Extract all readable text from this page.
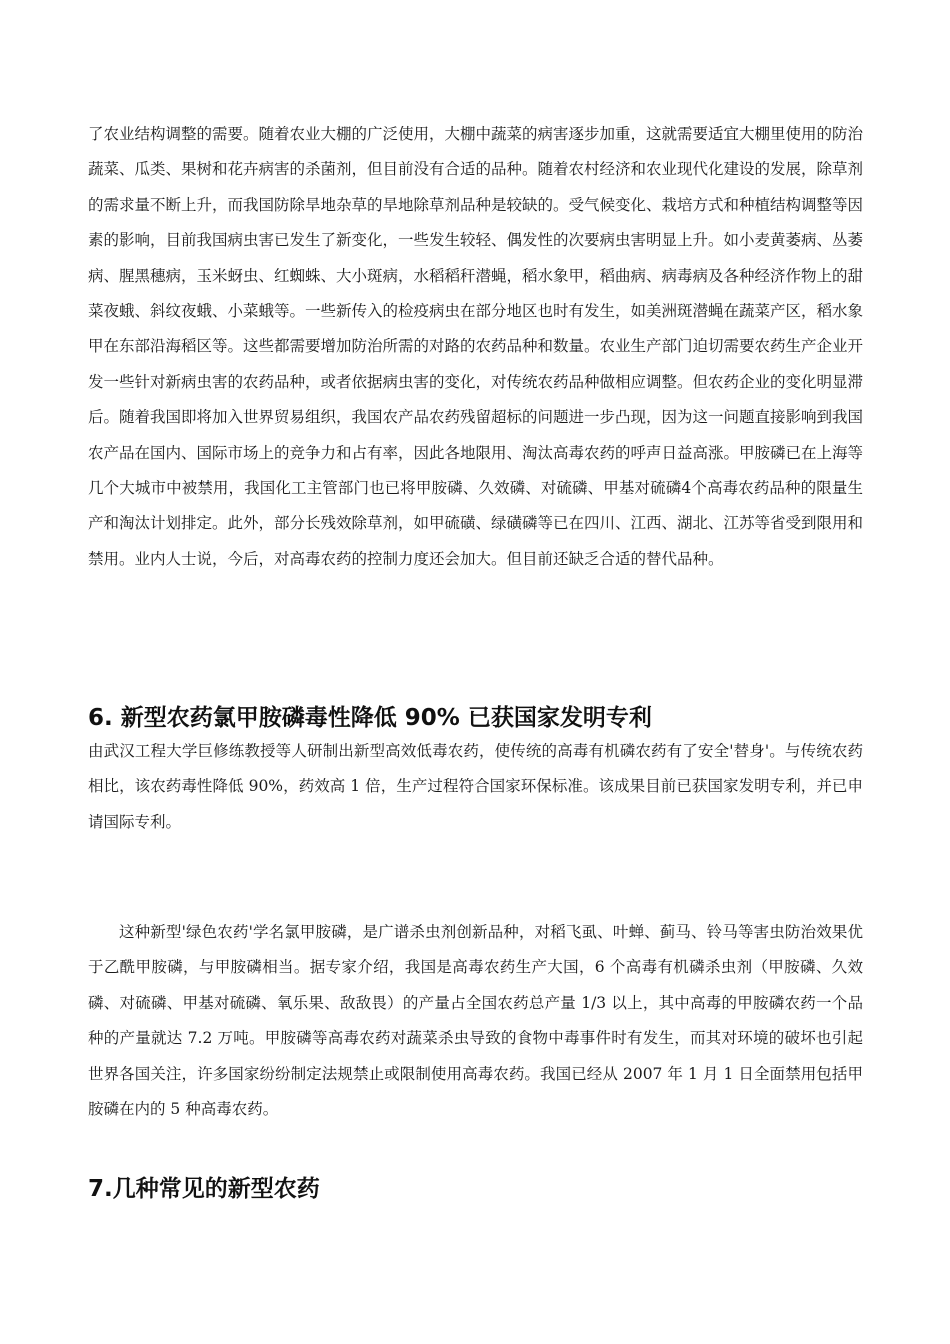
了农业结构调整的需要。随着农业大棚的广泛使用，大棚中蔬菜的病害逐步加重，这就需要适宜大棚里使用的防治蔬菜、瓜类、果树和花卉病害的杀菌剂，但目前没有合适的品种。随着农村经济和农业现代化建设的发展，除草剂的需求量不断上升，而我国防除旱地杂草的旱地除草剂品种是较缺的。受气候变化、栽培方式和种植结构调整等因素的影响，目前我国病虫害已发生了新变化，一些发生较轻、偶发性的次要病虫害明显上升。如小麦黄萎病、丛萎病、腥黑穗病，玉米蚜虫、红蜘蛛、大小斑病，水稻稻秆潜蝇，稻水象甲，稻曲病、病毒病及各种经济作物上的甜菜夜蛾、斜纹夜蛾、小菜蛾等。一些新传入的检疫病虫在部分地区也时有发生，如美洲斑潜蝇在蔬菜产区，稻水象甲在东部沿海稻区等。这些都需要增加防治所需的对路的农药品种和数量。农业生产部门迫切需要农药生产企业开发一些针对新病虫害的农药品种，或者依据病虫害的变化，对传统农药品种做相应调整。但农药企业的变化明显滞后。随着我国即将加入世界贸易组织，我国农产品农药残留超标的问题进一步凸现，因为这一问题直接影响到我国农产品在国内、国际市场上的竞争力和占有率，因此各地限用、淘汰高毒农药的呼声日益高涨。甲胺磷已在上海等几个大城市中被禁用，我国化工主管部门也已将甲胺磷、久效磷、对硫磷、甲基对硫磷4个高毒农药品种的限量生产和淘汰计划排定。此外，部分长残效除草剂，如甲硫磺、绿磺磷等已在四川、江西、湖北、江苏等省受到限用和禁用。业内人士说，今后，对高毒农药的控制力度还会加大。但目前还缺乏合适的替代品种。

6. 新型农药氯甲胺磷毒性降低 90% 已获国家发明专利

由武汉工程大学巨修练教授等人研制出新型高效低毒农药，使传统的高毒有机磷农药有了安全'替身'。与传统农药相比，该农药毒性降低 90%，药效高 1 倍，生产过程符合国家环保标准。该成果目前已获国家发明专利，并已申请国际专利。

这种新型'绿色农药'学名氯甲胺磷，是广谱杀虫剂创新品种，对稻飞虱、叶蝉、蓟马、铃马等害虫防治效果优于乙酰甲胺磷，与甲胺磷相当。据专家介绍，我国是高毒农药生产大国，6 个高毒有机磷杀虫剂（甲胺磷、久效磷、对硫磷、甲基对硫磷、氧乐果、敌敌畏）的产量占全国农药总产量 1/3 以上，其中高毒的甲胺磷农药一个品种的产量就达 7.2 万吨。甲胺磷等高毒农药对蔬菜杀虫导致的食物中毒事件时有发生，而其对环境的破坏也引起世界各国关注，许多国家纷纷制定法规禁止或限制使用高毒农药。我国已经从 2007 年 1 月 1 日全面禁用包括甲胺磷在内的 5 种高毒农药。

7.几种常见的新型农药
